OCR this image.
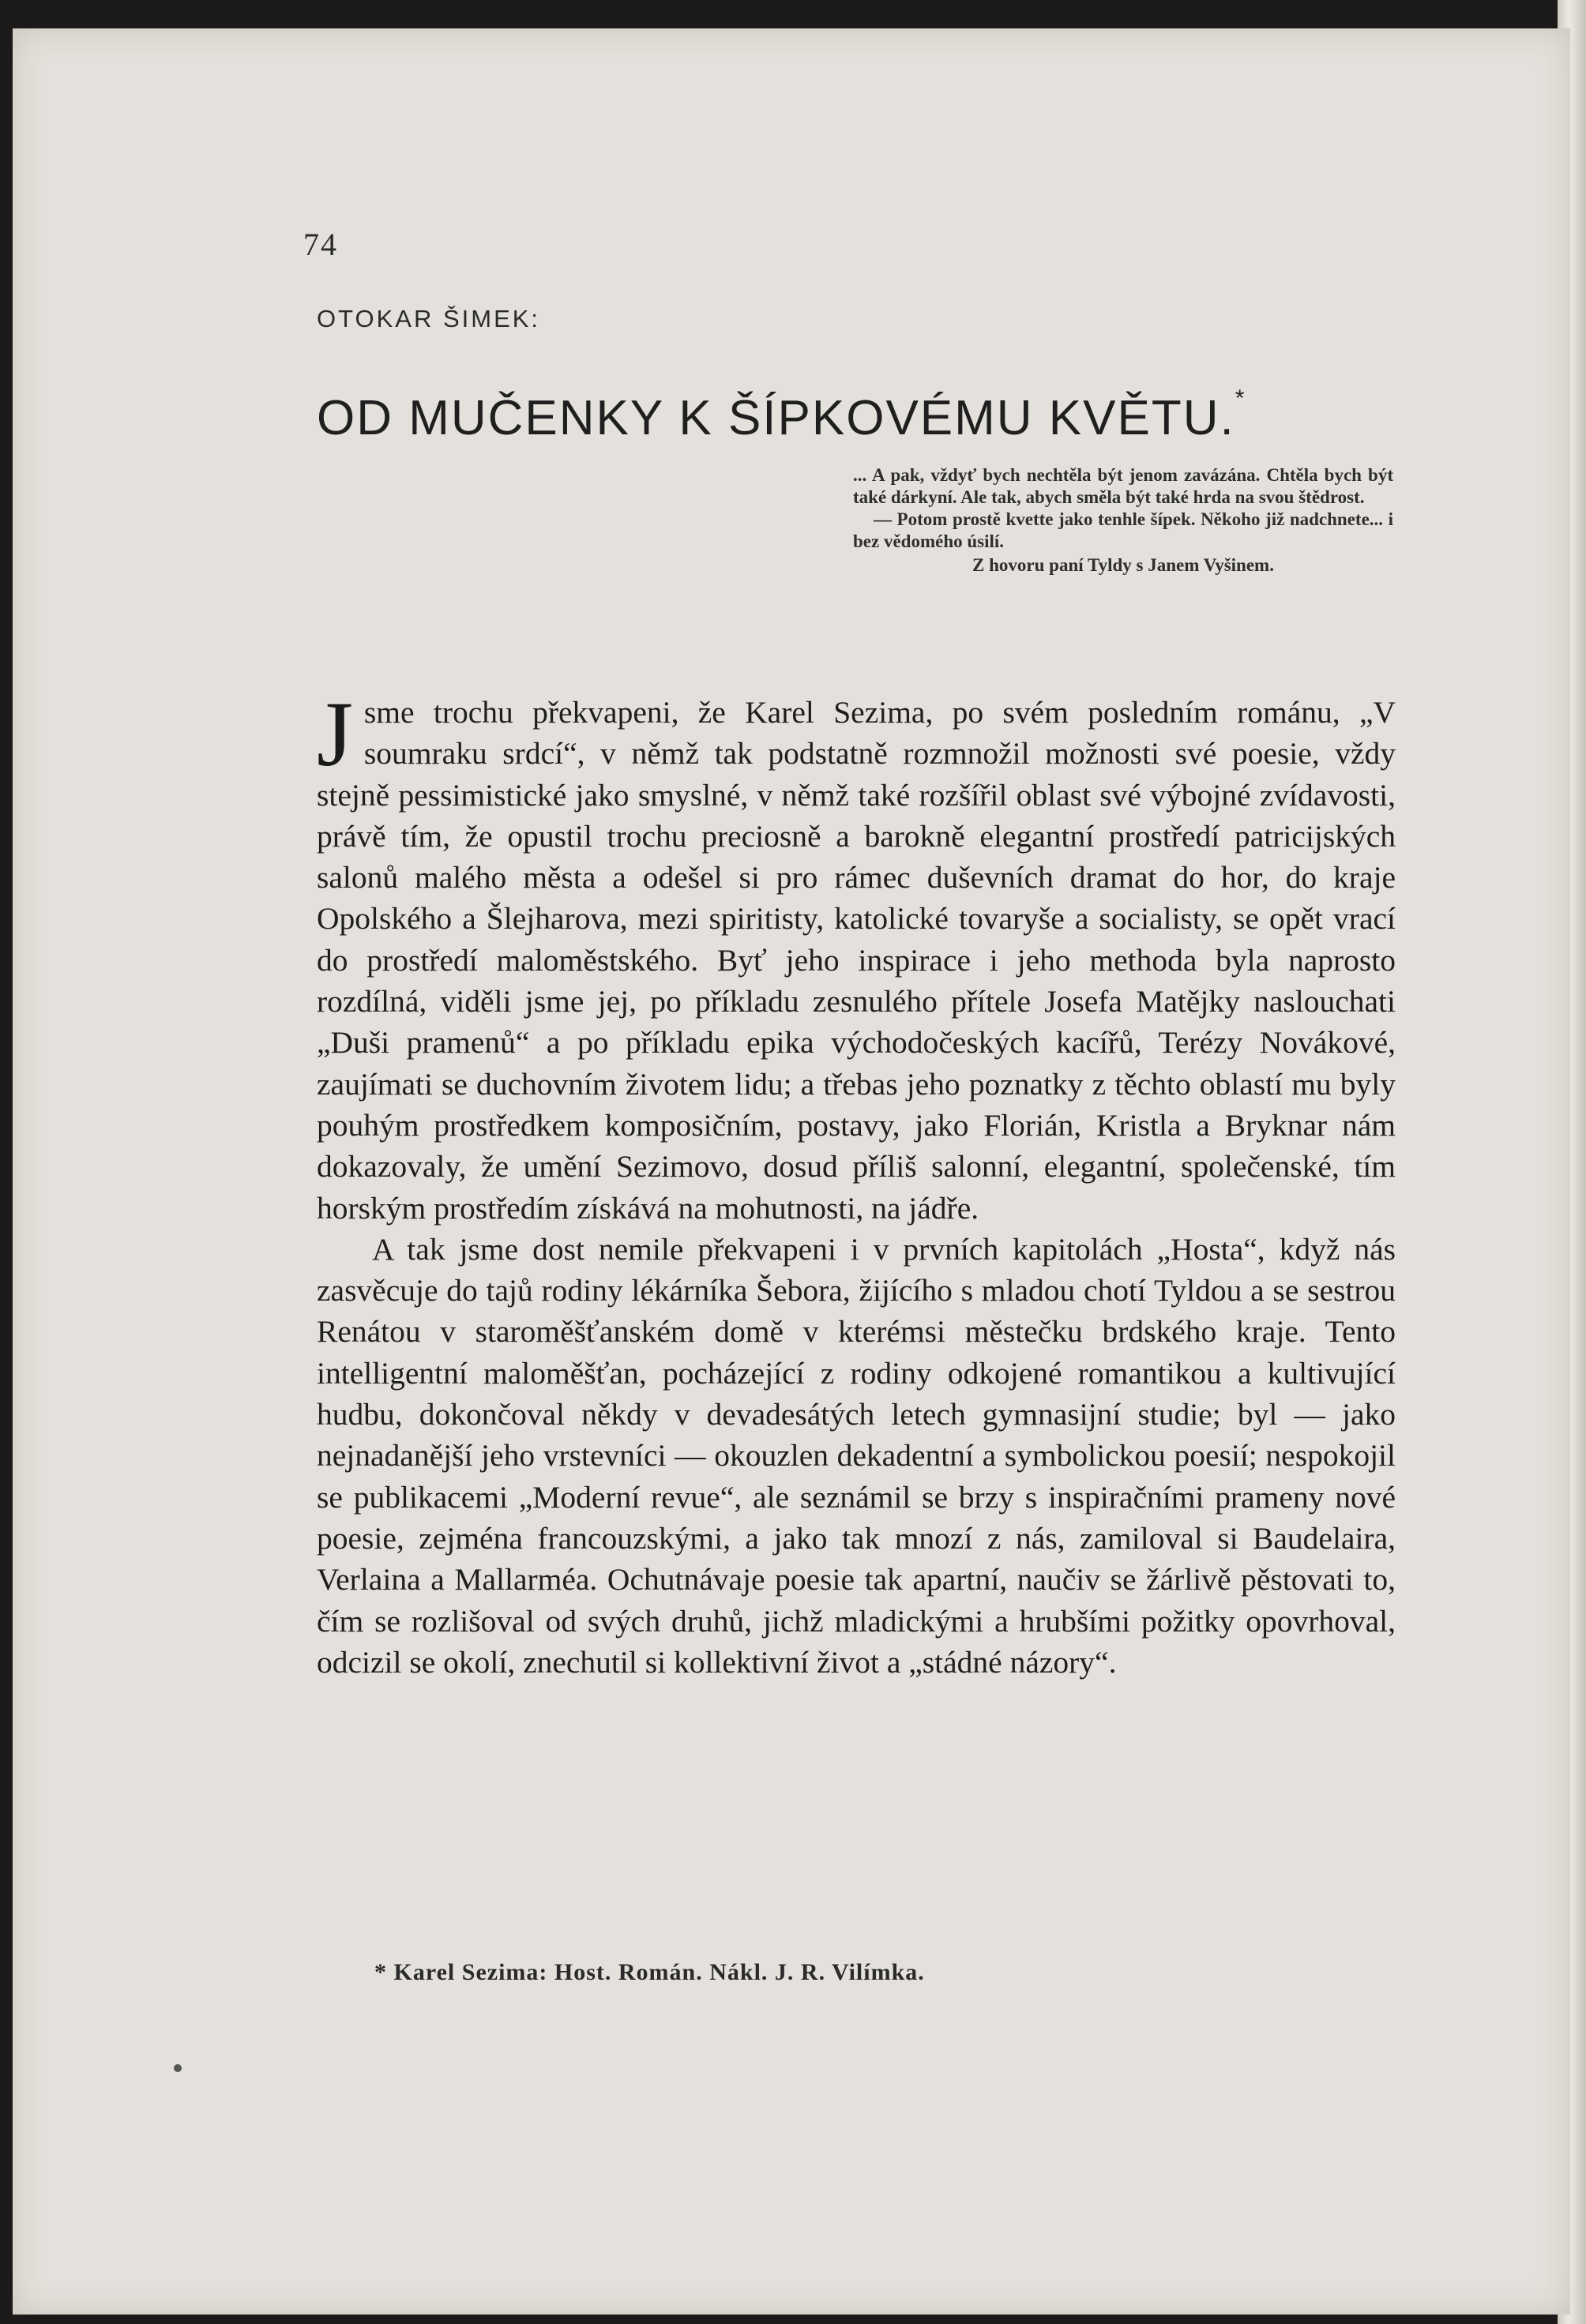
74
OTOKAR ŠIMEK:
OD MUČENKY K ŠÍPKOVÉMU KVĚTU.*

... A pak, vždyť bych nechtěla být jenom zavázána. Chtěla bych být také dárkyní. Ale tak, abych směla být také hrda na svou štědrost.

— Potom prostě kvette jako tenhle šípek. Někoho již nadchnete... i bez vědomého úsilí.

Z hovoru paní Tyldy s Janem Vyšinem.

Jsme trochu překvapeni, že Karel Sezima, po svém posledním románu, „V soumraku srdcí“, v němž tak podstatně rozmnožil možnosti své poesie, vždy stejně pessimistické jako smyslné, v němž také rozšířil oblast své výbojné zvídavosti, právě tím, že opustil trochu preciosně a barokně elegantní prostředí patricijských salonů malého města a odešel si pro rámec duševních dramat do hor, do kraje Opolského a Šlejharova, mezi spiritisty, katolické tovaryše a socialisty, se opět vrací do prostředí maloměstského. Byť jeho inspirace i jeho methoda byla naprosto rozdílná, viděli jsme jej, po příkladu zesnulého přítele Josefa Matějky naslouchati „Duši pramenů“ a po příkladu epika východočeských kacířů, Terézy Novákové, zaujímati se duchovním životem lidu; a třebas jeho poznatky z těchto oblastí mu byly pouhým prostředkem komposičním, postavy, jako Florián, Kristla a Bryknar nám dokazovaly, že umění Sezimovo, dosud příliš salonní, elegantní, společenské, tím horským prostředím získává na mohutnosti, na jádře.

A tak jsme dost nemile překvapeni i v prvních kapitolách „Hosta“, když nás zasvěcuje do tajů rodiny lékárníka Šebora, žijícího s mladou chotí Tyldou a se sestrou Renátou v staroměšťanském domě v kterémsi městečku brdského kraje. Tento intelligentní maloměšťan, pocházející z rodiny odkojené romantikou a kultivující hudbu, dokončoval někdy v devadesátých letech gymnasijní studie; byl — jako nejnadanější jeho vrstevníci — okouzlen dekadentní a symbolickou poesií; nespokojil se publikacemi „Moderní revue“, ale seznámil se brzy s inspiračními prameny nové poesie, zejména francouzskými, a jako tak mnozí z nás, zamiloval si Baudelaira, Verlaina a Mallarméa. Ochutnávaje poesie tak apartní, naučiv se žárlivě pěstovati to, čím se rozlišoval od svých druhů, jichž mladickými a hrubšími požitky opovrhoval, odcizil se okolí, znechutil si kollektivní život a „stádné názory“.

* Karel Sezima: Host. Román. Nákl. J. R. Vilímka.
